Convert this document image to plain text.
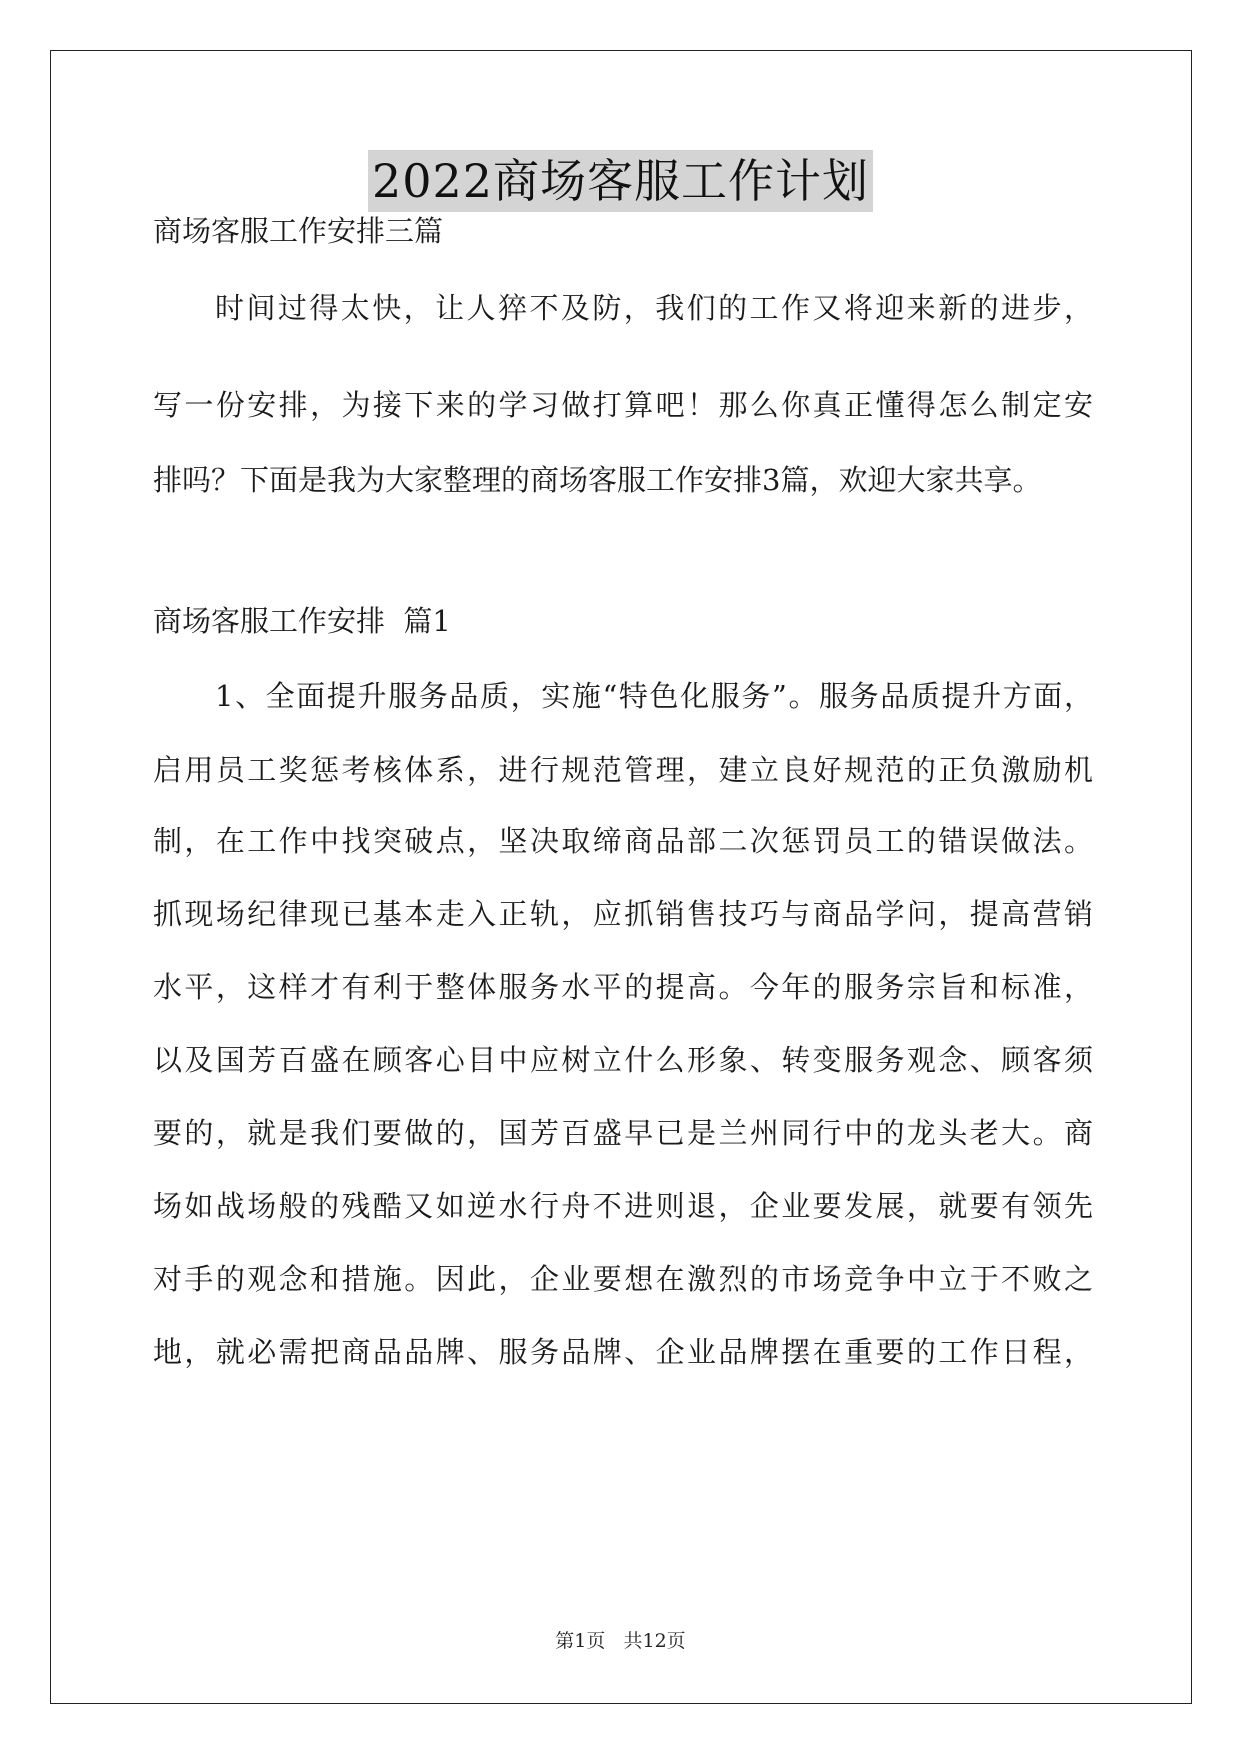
2022商场客服工作计划
商场客服工作安排三篇
时间过得太快，让人猝不及防，我们的工作又将迎来新的进步，
写一份安排，为接下来的学习做打算吧！那么你真正懂得怎么制定安
排吗？下面是我为大家整理的商场客服工作安排3篇，欢迎大家共享。
商场客服工作安排  篇1
1、全面提升服务品质，实施“特色化服务”。服务品质提升方面，
启用员工奖惩考核体系，进行规范管理，建立良好规范的正负激励机
制，在工作中找突破点，坚决取缔商品部二次惩罚员工的错误做法。
抓现场纪律现已基本走入正轨，应抓销售技巧与商品学问，提高营销
水平，这样才有利于整体服务水平的提高。今年的服务宗旨和标准，
以及国芳百盛在顾客心目中应树立什么形象、转变服务观念、顾客须
要的，就是我们要做的，国芳百盛早已是兰州同行中的龙头老大。商
场如战场般的残酷又如逆水行舟不进则退，企业要发展，就要有领先
对手的观念和措施。因此，企业要想在激烈的市场竞争中立于不败之
地，就必需把商品品牌、服务品牌、企业品牌摆在重要的工作日程，
第1页   共12页
